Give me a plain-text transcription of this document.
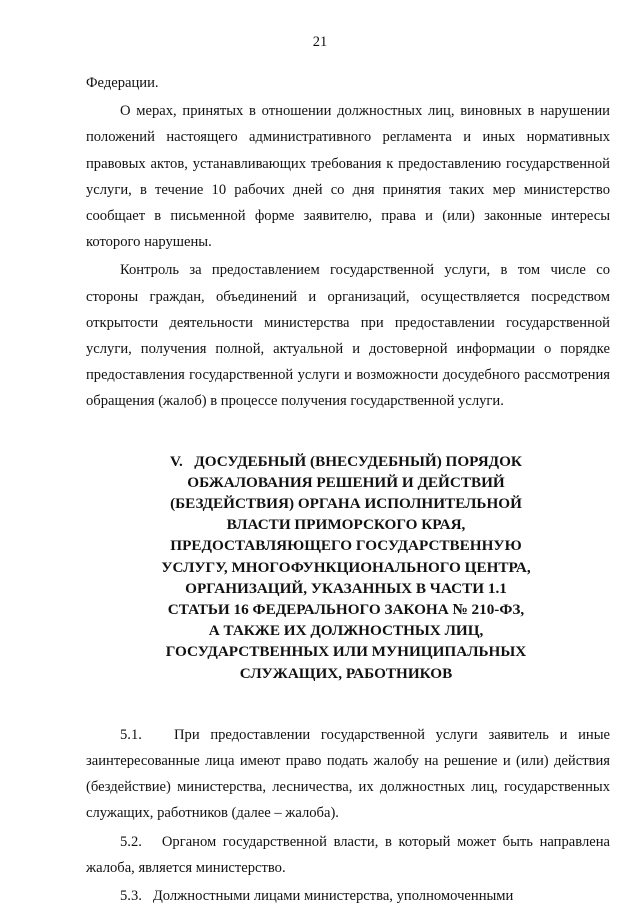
21

Федерации.

О мерах, принятых в отношении должностных лиц, виновных в нарушении положений настоящего административного регламента и иных нормативных правовых актов, устанавливающих требования к предоставлению государственной услуги, в течение 10 рабочих дней со дня принятия таких мер министерство сообщает в письменной форме заявителю, права и (или) законные интересы которого нарушены.

Контроль за предоставлением государственной услуги, в том числе со стороны граждан, объединений и организаций, осуществляется посредством открытости деятельности министерства при предоставлении государственной услуги, получения полной, актуальной и достоверной информации о порядке предоставления государственной услуги и возможности досудебного рассмотрения обращения (жалоб) в процессе получения государственной услуги.

V.   ДОСУДЕБНЫЙ (ВНЕСУДЕБНЫЙ) ПОРЯДОК
ОБЖАЛОВАНИЯ РЕШЕНИЙ И ДЕЙСТВИЙ
(БЕЗДЕЙСТВИЯ) ОРГАНА ИСПОЛНИТЕЛЬНОЙ
ВЛАСТИ ПРИМОРСКОГО КРАЯ,
ПРЕДОСТАВЛЯЮЩЕГО ГОСУДАРСТВЕННУЮ
УСЛУГУ, МНОГОФУНКЦИОНАЛЬНОГО ЦЕНТРА,
ОРГАНИЗАЦИЙ, УКАЗАННЫХ В ЧАСТИ 1.1
СТАТЬИ 16 ФЕДЕРАЛЬНОГО ЗАКОНА № 210-ФЗ,
А ТАКЖЕ ИХ ДОЛЖНОСТНЫХ ЛИЦ,
ГОСУДАРСТВЕННЫХ ИЛИ МУНИЦИПАЛЬНЫХ
СЛУЖАЩИХ, РАБОТНИКОВ

5.1.   При предоставлении государственной услуги заявитель и иные заинтересованные лица имеют право подать жалобу на решение и (или) действия (бездействие) министерства, лесничества, их должностных лиц, государственных служащих, работников (далее – жалоба).

5.2.   Органом государственной власти, в который может быть направлена жалоба, является министерство.

5.3.   Должностными лицами министерства, уполномоченными
